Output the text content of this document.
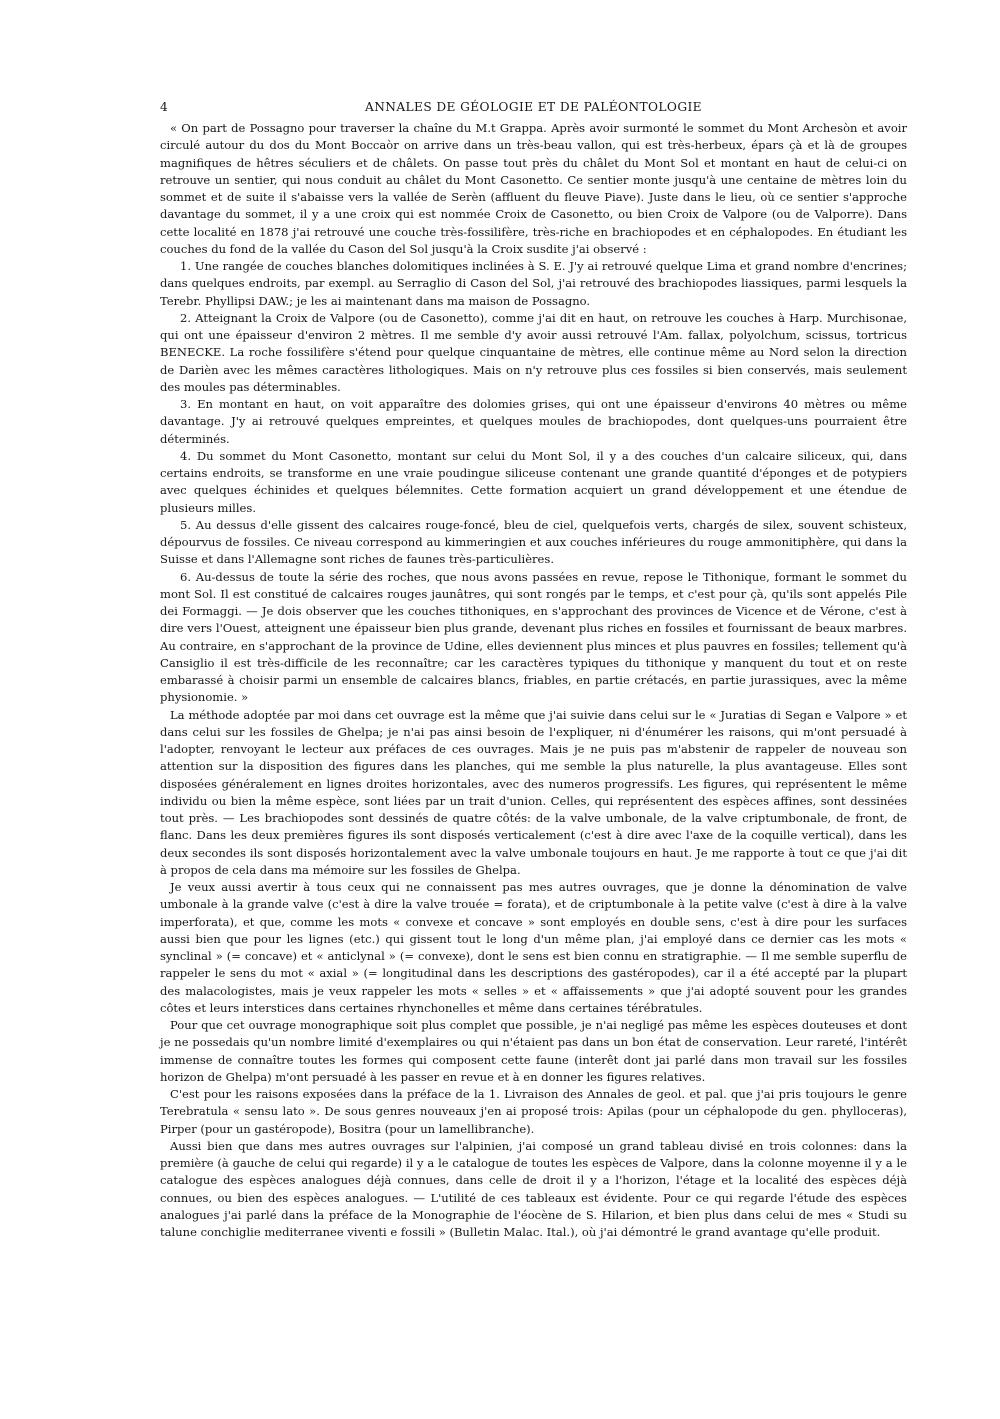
4	ANNALES DE GÉOLOGIE ET DE PALÉONTOLOGIE

« On part de Possagno pour traverser la chaîne du M.t Grappa. Après avoir surmonté le sommet du Mont Archesòn et avoir circulé autour du dos du Mont Boccaòr on arrive dans un très-beau vallon, qui est très-herbeux, épars çà et là de groupes magnifiques de hêtres séculiers et de châlets. On passe tout près du châlet du Mont Sol et montant en haut de celui-ci on retrouve un sentier, qui nous conduit au châlet du Mont Casonetto. Ce sentier monte jusqu'à une centaine de mètres loin du sommet et de suite il s'abaisse vers la vallée de Serèn (affluent du fleuve Piave). Juste dans le lieu, où ce sentier s'approche davantage du sommet, il y a une croix qui est nommée Croix de Casonetto, ou bien Croix de Valpore (ou de Valporre). Dans cette localité en 1878 j'ai retrouvé une couche très-fossilifère, très-riche en brachiopodes et en céphalopodes. En étudiant les couches du fond de la vallée du Cason del Sol jusqu'à la Croix susdite j'ai observé :

1. Une rangée de couches blanches dolomitiques inclinées à S. E. J'y ai retrouvé quelque Lima et grand nombre d'encrines; dans quelques endroits, par exempl. au Serraglio di Cason del Sol, j'ai retrouvé des brachiopodes liassiques, parmi lesquels la Terebr. Phyllipsi DAW.; je les ai maintenant dans ma maison de Possagno.

2. Atteignant la Croix de Valpore (ou de Casonetto), comme j'ai dit en haut, on retrouve les couches à Harp. Murchisonae, qui ont une épaisseur d'environ 2 mètres. Il me semble d'y avoir aussi retrouvé l'Am. fallax, polyolchum, scissus, tortricus BENECKE. La roche fossilifère s'étend pour quelque cinquantaine de mètres, elle continue même au Nord selon la direction de Darièn avec les mêmes caractères lithologiques. Mais on n'y retrouve plus ces fossiles si bien conservés, mais seulement des moules pas déterminables.

3. En montant en haut, on voit apparaître des dolomies grises, qui ont une épaisseur d'environs 40 mètres ou même davantage. J'y ai retrouvé quelques empreintes, et quelques moules de brachiopodes, dont quelques-uns pourraient être déterminés.

4. Du sommet du Mont Casonetto, montant sur celui du Mont Sol, il y a des couches d'un calcaire siliceux, qui, dans certains endroits, se transforme en une vraie poudingue siliceuse contenant une grande quantité d'éponges et de potypiers avec quelques échinides et quelques bélemnites. Cette formation acquiert un grand développement et une étendue de plusieurs milles.

5. Au dessus d'elle gissent des calcaires rouge-foncé, bleu de ciel, quelquefois verts, chargés de silex, souvent schisteux, dépourvus de fossiles. Ce niveau correspond au kimmeringien et aux couches inférieures du rouge ammonitiphère, qui dans la Suisse et dans l'Allemagne sont riches de faunes très-particulières.

6. Au-dessus de toute la série des roches, que nous avons passées en revue, repose le Tithonique, formant le sommet du mont Sol. Il est constitué de calcaires rouges jaunâtres, qui sont rongés par le temps, et c'est pour çà, qu'ils sont appelés Pile dei Formaggi. — Je dois observer que les couches tithoniques, en s'approchant des provinces de Vicence et de Vérone, c'est à dire vers l'Ouest, atteignent une épaisseur bien plus grande, devenant plus riches en fossiles et fournissant de beaux marbres. Au contraire, en s'approchant de la province de Udine, elles deviennent plus minces et plus pauvres en fossiles; tellement qu'à Cansiglio il est très-difficile de les reconnaître; car les caractères typiques du tithonique y manquent du tout et on reste embarassé à choisir parmi un ensemble de calcaires blancs, friables, en partie crétacés, en partie jurassiques, avec la même physionomie. »

La méthode adoptée par moi dans cet ouvrage est la même que j'ai suivie dans celui sur le « Juratias di Segan e Valpore » et dans celui sur les fossiles de Ghelpa; je n'ai pas ainsi besoin de l'expliquer, ni d'énumérer les raisons, qui m'ont persuadé à l'adopter, renvoyant le lecteur aux préfaces de ces ouvrages. Mais je ne puis pas m'abstenir de rappeler de nouveau son attention sur la disposition des figures dans les planches, qui me semble la plus naturelle, la plus avantageuse. Elles sont disposées généralement en lignes droites horizontales, avec des numeros progressifs. Les figures, qui représentent le même individu ou bien la même espèce, sont liées par un trait d'union. Celles, qui représentent des espèces affines, sont dessinées tout près. — Les brachiopodes sont dessinés de quatre côtés: de la valve umbonale, de la valve criptumbonale, de front, de flanc. Dans les deux premières figures ils sont disposés verticalement (c'est à dire avec l'axe de la coquille vertical), dans les deux secondes ils sont disposés horizontalement avec la valve umbonale toujours en haut. Je me rapporte à tout ce que j'ai dit à propos de cela dans ma mémoire sur les fossiles de Ghelpa.

Je veux aussi avertir à tous ceux qui ne connaissent pas mes autres ouvrages, que je donne la dénomination de valve umbonale à la grande valve (c'est à dire la valve trouée = forata), et de criptumbonale à la petite valve (c'est à dire à la valve imperforata), et que, comme les mots « convexe et concave » sont employés en double sens, c'est à dire pour les surfaces aussi bien que pour les lignes (etc.) qui gissent tout le long d'un même plan, j'ai employé dans ce dernier cas les mots « synclinal » (= concave) et « anticlynal » (= convexe), dont le sens est bien connu en stratigraphie. — Il me semble superflu de rappeler le sens du mot « axial » (= longitudinal dans les descriptions des gastéropodes), car il a été accepté par la plupart des malacologistes, mais je veux rappeler les mots « selles » et « affaissements » que j'ai adopté souvent pour les grandes côtes et leurs interstices dans certaines rhynchonelles et même dans certaines térébratules.

Pour que cet ouvrage monographique soit plus complet que possible, je n'ai negligé pas même les espèces douteuses et dont je ne possedais qu'un nombre limité d'exemplaires ou qui n'étaient pas dans un bon état de conservation. Leur rareté, l'intérêt immense de connaître toutes les formes qui composent cette faune (interêt dont jai parlé dans mon travail sur les fossiles horizon de Ghelpa) m'ont persuadé à les passer en revue et à en donner les figures relatives.

C'est pour les raisons exposées dans la préface de la 1. Livraison des Annales de geol. et pal. que j'ai pris toujours le genre Terebratula « sensu lato ». De sous genres nouveaux j'en ai proposé trois: Apilas (pour un céphalopode du gen. phylloceras), Pirper (pour un gastéropode), Bositra (pour un lamellibranche).

Aussi bien que dans mes autres ouvrages sur l'alpinien, j'ai composé un grand tableau divisé en trois colonnes: dans la première (à gauche de celui qui regarde) il y a le catalogue de toutes les espèces de Valpore, dans la colonne moyenne il y a le catalogue des espèces analogues déjà connues, dans celle de droit il y a l'horizon, l'étage et la localité des espèces déjà connues, ou bien des espèces analogues. — L'utilité de ces tableaux est évidente. Pour ce qui regarde l'étude des espèces analogues j'ai parlé dans la préface de la Monographie de l'éocène de S. Hilarion, et bien plus dans celui de mes « Studi su talune conchiglie mediterranee viventi e fossili » (Bulletin Malac. Ital.), où j'ai démontré le grand avantage qu'elle produit.
